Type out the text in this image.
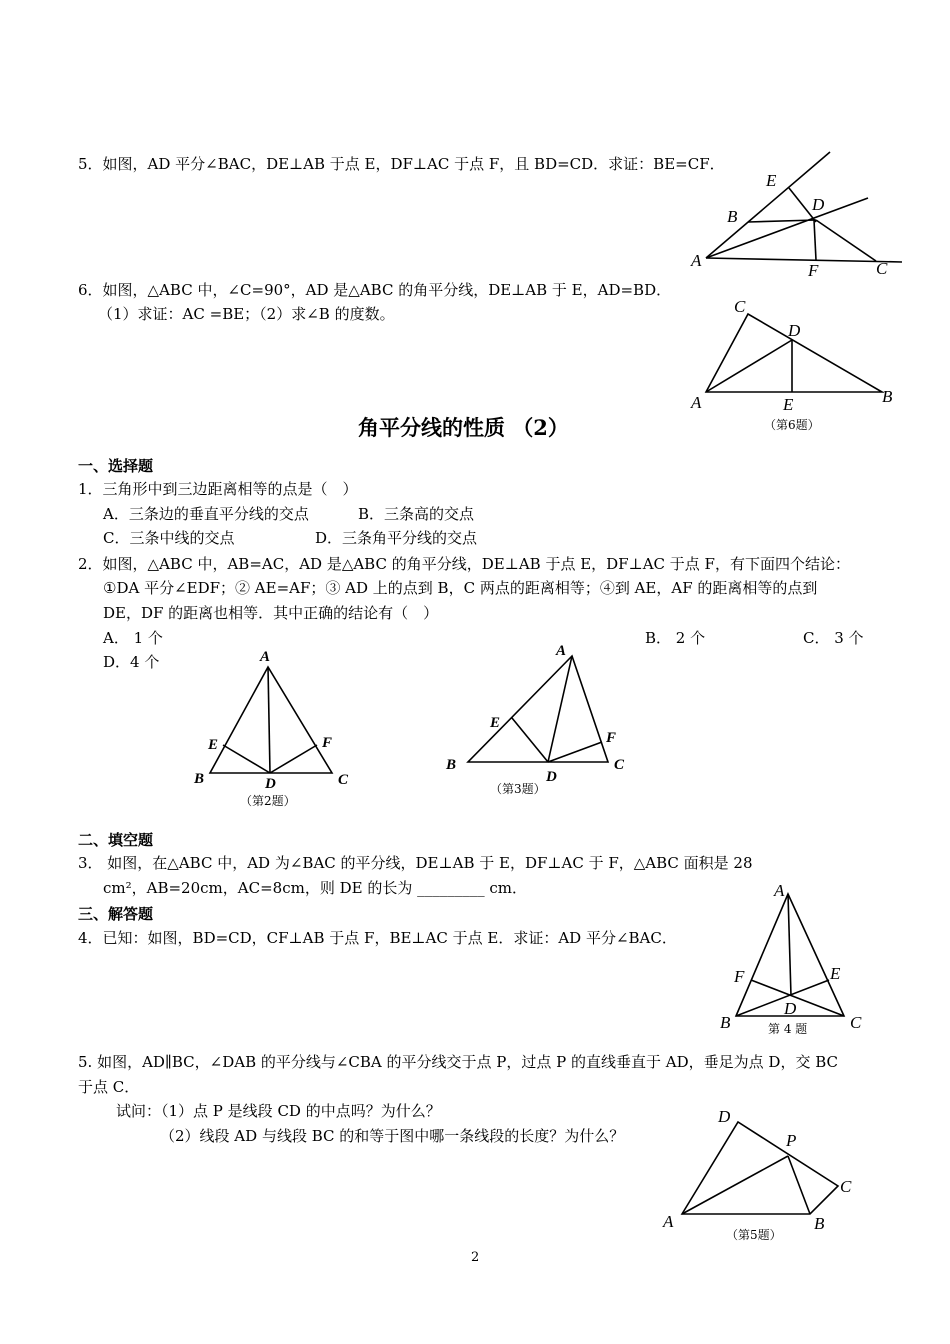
5．如图，AD 平分∠BAC，DE⊥AB 于点 E，DF⊥AC 于点 F，且 BD=CD．求证：BE=CF．
E
B
D
A
F	C
6．如图，△ABC 中，∠C=90°，AD 是△ABC 的角平分线，DE⊥AB 于 E，AD=BD．
（1）求证：AC =BE；（2）求∠B 的度数。	C
D
A	E	B
（第6题）
角平分线的性质 （2）
一、选择题
1．三角形中到三边距离相等的点是（　）
A．三条边的垂直平分线的交点	B．三条高的交点
C．三条中线的交点	D．三条角平分线的交点
2．如图，△ABC 中，AB=AC，AD 是△ABC 的角平分线，DE⊥AB 于点 E，DF⊥AC 于点 F，有下面四个结论：
①DA 平分∠EDF；② AE=AF；③ AD 上的点到 B，C 两点的距离相等；④到 AE，AF 的距离相等的点到
DE，DF 的距离也相等．其中正确的结论有（　）
A． 1 个	B． 2 个	C． 3 个
D．4 个	A
E	F
B	D	C
（第2题）
A
E
F
B
D
C
（第3题）
二、填空题
3． 如图，在△ABC 中，AD 为∠BAC 的平分线，DE⊥AB 于 E，DF⊥AC 于 F，△ABC 面积是 28
cm²，AB=20cm，AC=8cm，则 DE 的长为 _________ cm．
三、解答题
4．已知：如图，BD=CD，CF⊥AB 于点 F，BE⊥AC 于点 E．求证：AD 平分∠BAC．
A
F	E
D
B	C
第 4 题
5. 如图，AD∥BC，∠DAB 的平分线与∠CBA 的平分线交于点 P，过点 P 的直线垂直于 AD，垂足为点 D，交 BC
于点 C．
试问：（1）点 P 是线段 CD 的中点吗？为什么？
（2）线段 AD 与线段 BC 的和等于图中哪一条线段的长度？为什么？
D
P
C
A	B
（第5题）
2
